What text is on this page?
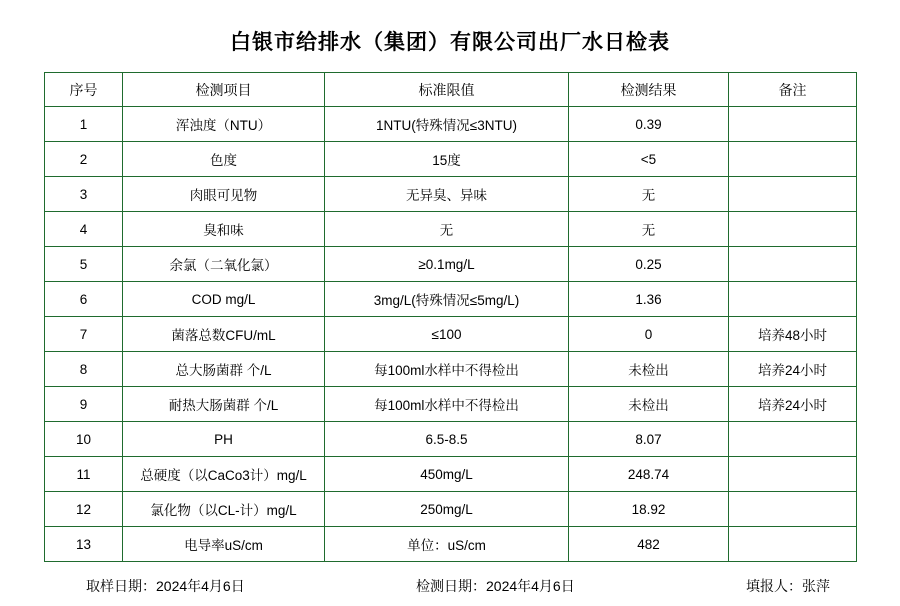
白银市给排水（集团）有限公司出厂水日检表
序号	检测项目	标准限值	检测结果	备注
1	浑浊度（NTU）	1NTU(特殊情况≤3NTU)	0.39	
2	色度	15度	<5	
3	肉眼可见物	无异臭、异味	无	
4	臭和味	无	无	
5	余氯（二氧化氯）	≥0.1mg/L	0.25	
6	COD mg/L	3mg/L(特殊情况≤5mg/L)	1.36	
7	菌落总数CFU/mL	≤100	0	培养48小时
8	总大肠菌群 个/L	每100ml水样中不得检出	未检出	培养24小时
9	耐热大肠菌群 个/L	每100ml水样中不得检出	未检出	培养24小时
10	PH	6.5-8.5	8.07	
11	总硬度（以CaCo3计）mg/L	450mg/L	248.74	
12	氯化物（以CL-计）mg/L	250mg/L	18.92	
13	电导率uS/cm	单位：uS/cm	482	
取样日期：2024年4月6日	检测日期：2024年4月6日	填报人：张萍
